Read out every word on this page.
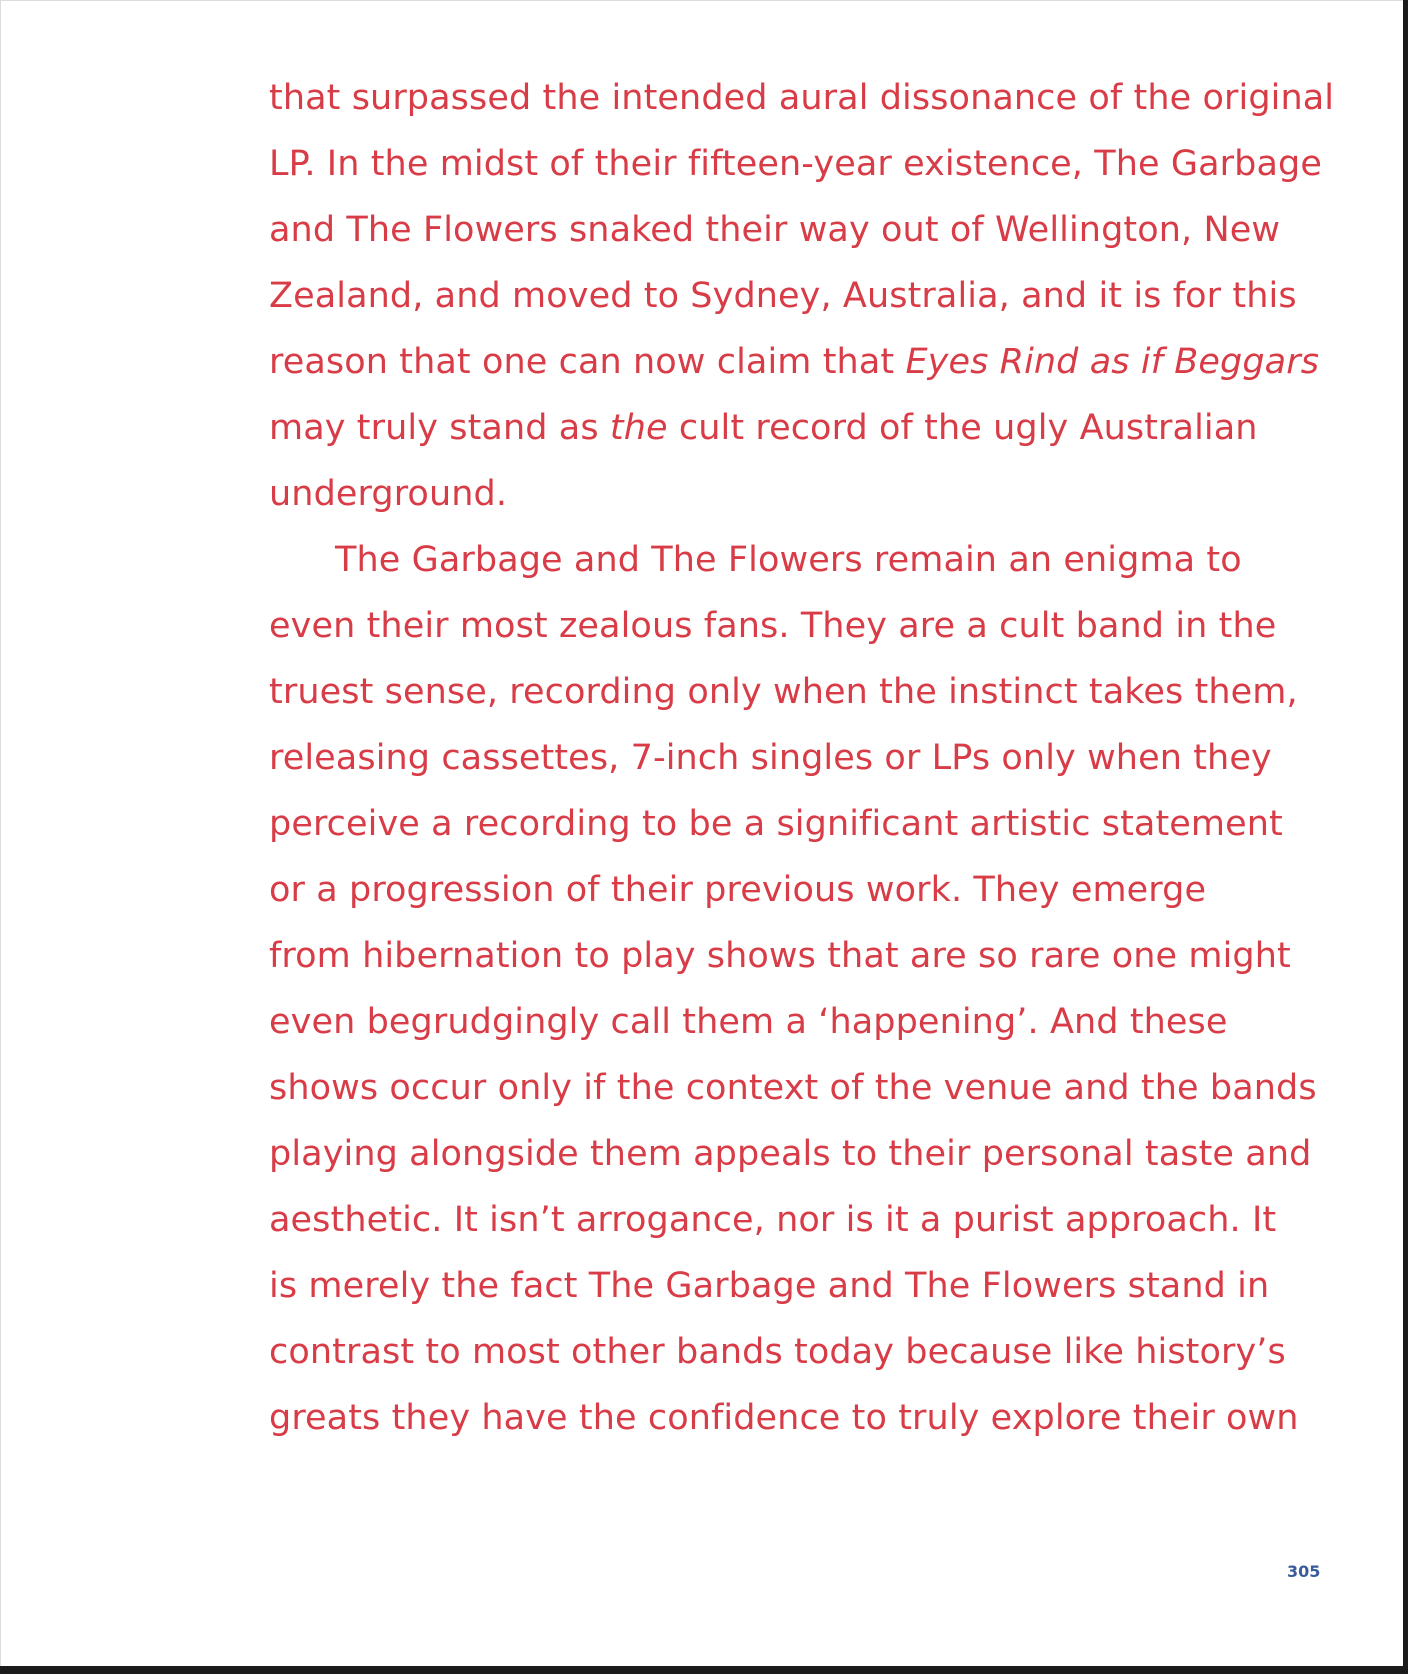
that surpassed the intended aural dissonance of the original
LP. In the midst of their fifteen-year existence, The Garbage
and The Flowers snaked their way out of Wellington, New
Zealand, and moved to Sydney, Australia, and it is for this
reason that one can now claim that Eyes Rind as if Beggars
may truly stand as the cult record of the ugly Australian
underground.
The Garbage and The Flowers remain an enigma to
even their most zealous fans. They are a cult band in the
truest sense, recording only when the instinct takes them,
releasing cassettes, 7-inch singles or LPs only when they
perceive a recording to be a significant artistic statement
or a progression of their previous work. They emerge
from hibernation to play shows that are so rare one might
even begrudgingly call them a ‘happening’. And these
shows occur only if the context of the venue and the bands
playing alongside them appeals to their personal taste and
aesthetic. It isn’t arrogance, nor is it a purist approach. It
is merely the fact The Garbage and The Flowers stand in
contrast to most other bands today because like history’s
greats they have the confidence to truly explore their own
305
